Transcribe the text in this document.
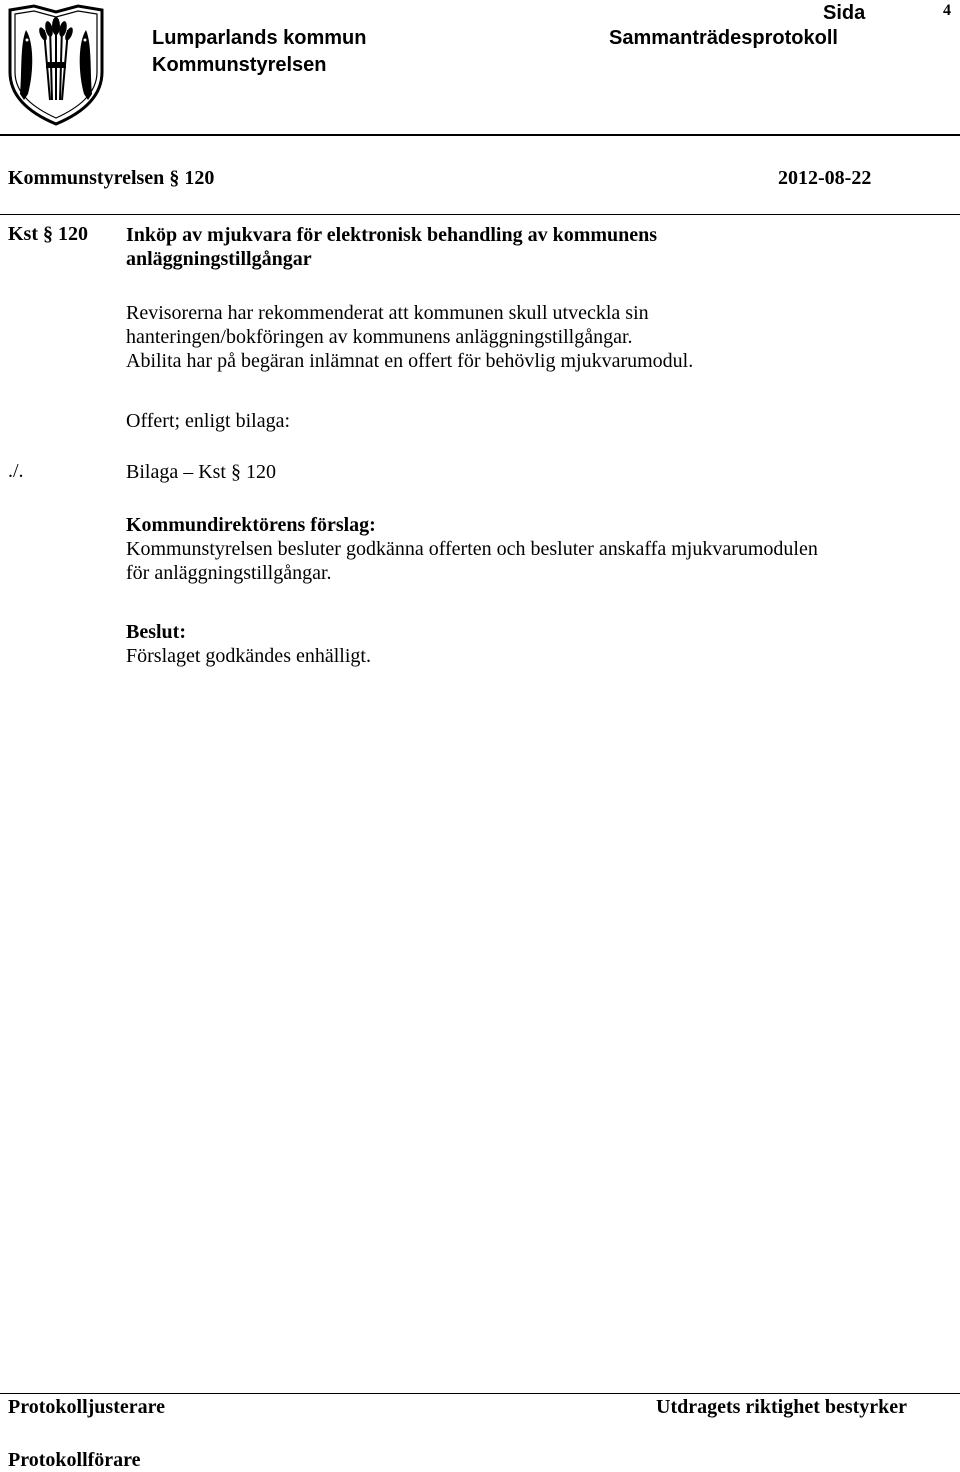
Lumparlands kommun
Kommunstyrelsen
Sammanträdesprotokoll
Sida	4
Kommunstyrelsen § 120	2012-08-22
Kst § 120 Inköp av mjukvara för elektronisk behandling av kommunens
anläggningstillgångar
Revisorerna har rekommenderat att kommunen skull utveckla sin
hanteringen/bokföringen av kommunens anläggningstillgångar.
Abilita har på begäran inlämnat en offert för behövlig mjukvarumodul.
Offert; enligt bilaga:
./.	Bilaga – Kst § 120
Kommundirektörens förslag:
Kommunstyrelsen besluter godkänna offerten och besluter anskaffa mjukvarumodulen
för anläggningstillgångar.
Beslut:
Förslaget godkändes enhälligt.
Protokolljusterare	Utdragets riktighet bestyrker
Protokollförare
